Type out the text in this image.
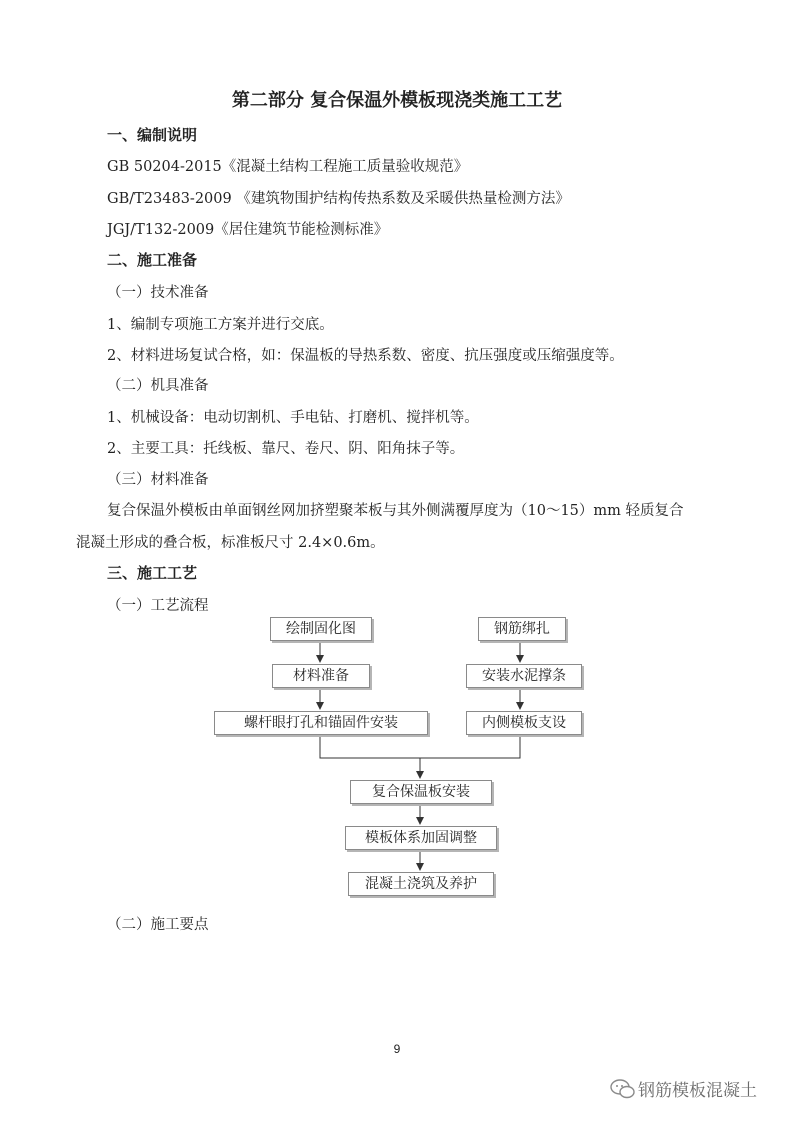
第二部分 复合保温外模板现浇类施工工艺
一、编制说明
GB 50204-2015《混凝土结构工程施工质量验收规范》
GB/T23483-2009 《建筑物围护结构传热系数及采暖供热量检测方法》
JGJ/T132-2009《居住建筑节能检测标准》
二、施工准备
（一）技术准备
1、编制专项施工方案并进行交底。
2、材料进场复试合格，如：保温板的导热系数、密度、抗压强度或压缩强度等。
（二）机具准备
1、机械设备：电动切割机、手电钻、打磨机、搅拌机等。
2、主要工具：托线板、靠尺、卷尺、阴、阳角抹子等。
（三）材料准备
复合保温外模板由单面钢丝网加挤塑聚苯板与其外侧满覆厚度为（10～15）mm 轻质复合
混凝土形成的叠合板，标准板尺寸 2.4×0.6m。
三、施工工艺
（一）工艺流程
绘制固化图
材料准备
螺杆眼打孔和锚固件安装
钢筋绑扎
安装水泥撑条
内侧模板支设
复合保温板安装
模板体系加固调整
混凝土浇筑及养护
（二）施工要点
9
钢筋模板混凝土
